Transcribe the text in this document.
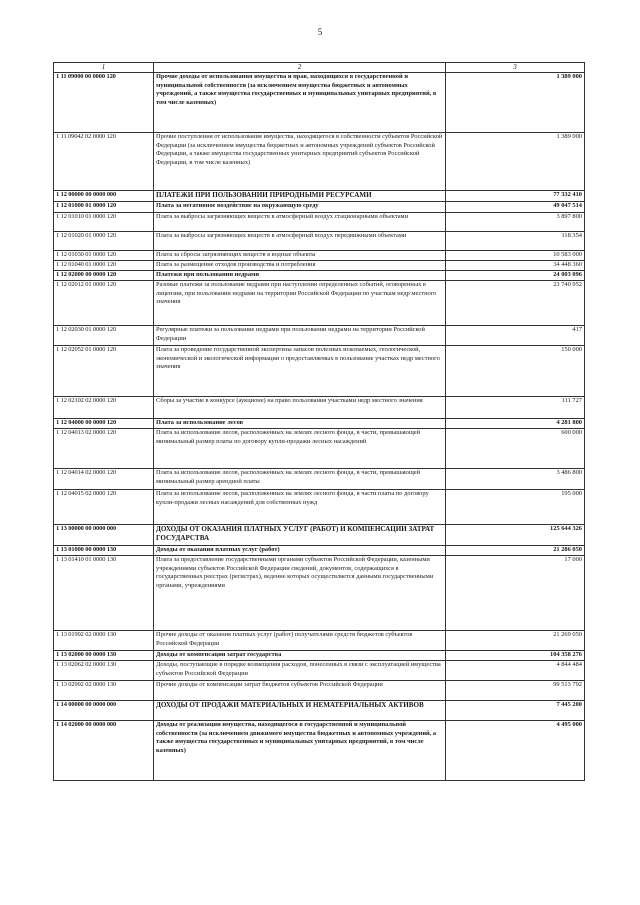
5
1	2	3
1 11 09000 00 0000 120	Прочие доходы от использования имущества и прав, находящихся в государственной и муниципальной собственности (за исключением имущества бюджетных и автономных учреждений, а также имущества государственных и муниципальных унитарных предприятий, в том числе казенных)	1 389 000
1 11 09042 02 0000 120	Прочие поступления от использования имущества, находящегося в собственности субъектов Российской Федерации (за исключением имущества бюджетных и автономных учреждений субъектов Российской Федерации, а также имущества государственных унитарных предприятий субъектов Российской Федерации, в том числе казенных)	1 389 000
1 12 00000 00 0000 000	ПЛАТЕЖИ ПРИ ПОЛЬЗОВАНИИ ПРИРОДНЫМИ РЕСУРСАМИ	77 332 410
1 12 01000 01 0000 120	Плата за негативное воздействие на окружающую среду	49 047 514
1 12 01010 01 0000 120	Плата за выбросы загрязняющих веществ в атмосферный воздух стационарными объектами	3 897 800
1 12 01020 01 0000 120	Плата за выбросы загрязняющих веществ в атмосферный воздух передвижными объектами	118 354
1 12 01030 01 0000 120	Плата за сбросы загрязняющих веществ в водные объекты	10 583 000
1 12 01040 01 0000 120	Плата за размещение отходов производства и потребления	34 448 360
1 12 02000 00 0000 120	Платежи при пользовании недрами	24 003 096
1 12 02012 01 0000 120	Разовые платежи за пользование недрами при наступлении определенных событий, оговоренных в лицензии, при пользовании недрами на территории Российской Федерации по участкам недр местного значения	23 740 952
1 12 02030 01 0000 120	Регулярные платежи за пользование недрами при пользовании недрами на территории Российской Федерации	417
1 12 02052 01 0000 120	Плата за проведение государственной экспертизы запасов полезных ископаемых, геологической, экономической и экологической информации о предоставляемых в пользование участках недр местного значения	150 000
1 12 02102 02 0000 120	Сборы за участие в конкурсе (аукционе) на право пользования участками недр местного значения	111 727
1 12 04000 00 0000 120	Плата за использование лесов	4 281 800
1 12 04013 02 0000 120	Плата за использование лесов, расположенных на землях лесного фонда, в части, превышающей минимальный размер платы по договору купли-продажи лесных насаждений	600 000
1 12 04014 02 0000 120	Плата за использование лесов, расположенных на землях лесного фонда, в части, превышающей минимальный размер арендной платы	3 486 800
1 12 04015 02 0000 120	Плата за использование лесов, расположенных на землях лесного фонда, в части платы по договору купли-продажи лесных насаждений для собственных нужд	195 000
1 13 00000 00 0000 000	ДОХОДЫ ОТ ОКАЗАНИЯ ПЛАТНЫХ УСЛУГ (РАБОТ) И КОМПЕНСАЦИИ ЗАТРАТ ГОСУДАРСТВА	125 644 326
1 13 01000 00 0000 130	Доходы от оказания платных услуг (работ)	21 286 050
1 13 01410 01 0000 130	Плата за предоставление государственными органами субъектов Российской Федерации, казенными учреждениями субъектов Российской Федерации сведений, документов, содержащихся в государственных реестрах (регистрах), ведение которых осуществляется данными государственными органами, учреждениями	17 000
1 13 01992 02 0000 130	Прочие доходы от оказания платных услуг (работ) получателями средств бюджетов субъектов Российской Федерации	21 269 050
1 13 02000 00 0000 130	Доходы от компенсации затрат государства	104 358 276
1 13 02062 02 0000 130	Доходы, поступающие в порядке возмещения расходов, понесенных в связи с эксплуатацией имущества субъектов Российской Федерации	4 844 484
1 13 02992 02 0000 130	Прочие доходы от компенсации затрат бюджетов субъектов Российской Федерации	99 513 792
1 14 00000 00 0000 000	ДОХОДЫ ОТ ПРОДАЖИ МАТЕРИАЛЬНЫХ И НЕМАТЕРИАЛЬНЫХ АКТИВОВ	7 445 200
1 14 02000 00 0000 000	Доходы от реализации имущества, находящегося в государственной и муниципальной собственности (за исключением движимого имущества бюджетных и автономных учреждений, а также имущества государственных и муниципальных унитарных предприятий, в том числе казенных)	4 495 000
